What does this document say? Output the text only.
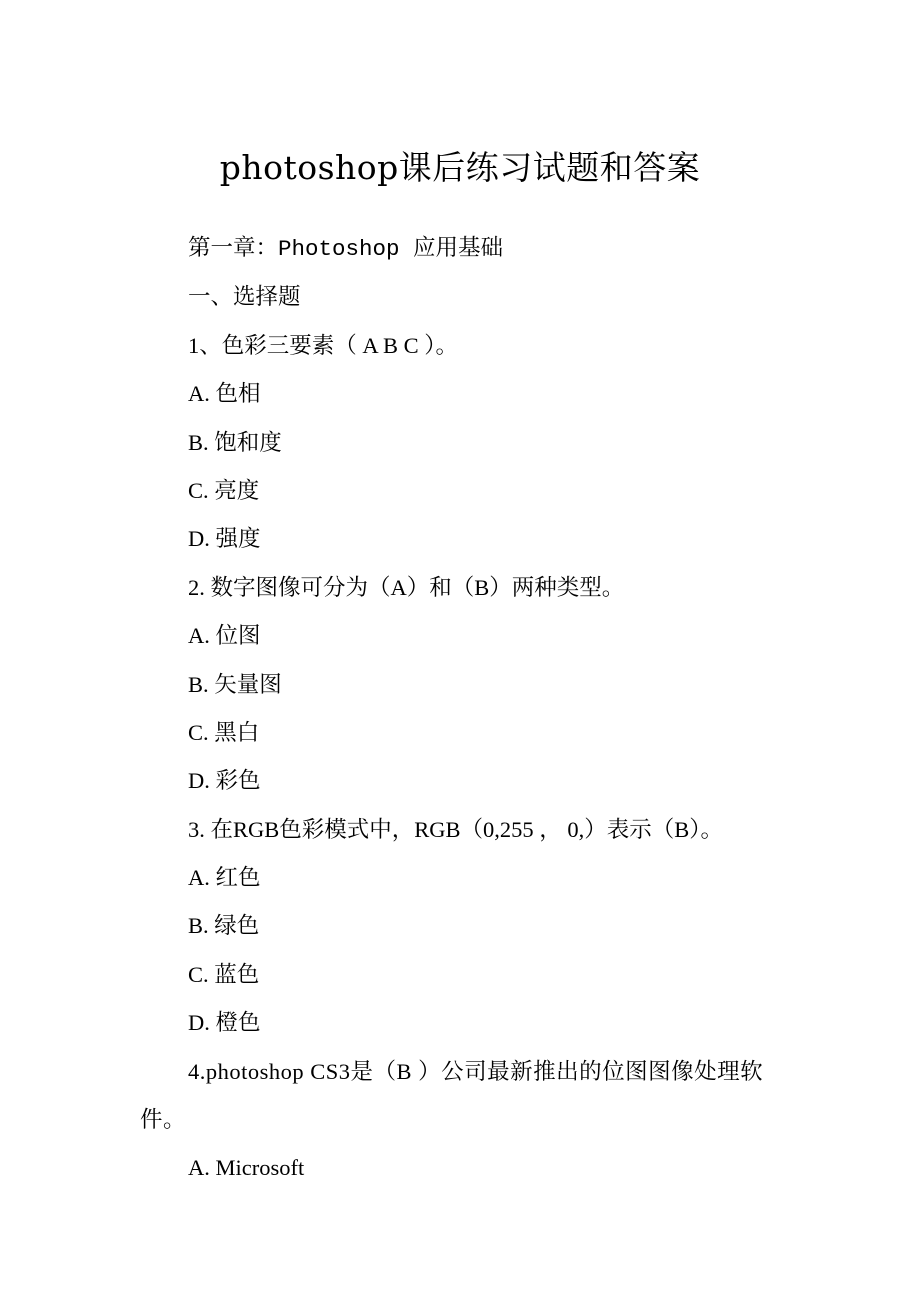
photoshop课后练习试题和答案

第一章：Photoshop 应用基础

一、选择题

1、色彩三要素（ A B C ）。

A. 色相

B. 饱和度

C. 亮度

D. 强度

2. 数字图像可分为（A）和（B）两种类型。

A. 位图

B. 矢量图

C. 黑白

D. 彩色

3. 在RGB色彩模式中，RGB（0,255 ， 0,）表示（B）。

A. 红色

B. 绿色

C. 蓝色

D. 橙色

4.photoshop CS3是（B ）公司最新推出的位图图像处理软件。

A. Microsoft
